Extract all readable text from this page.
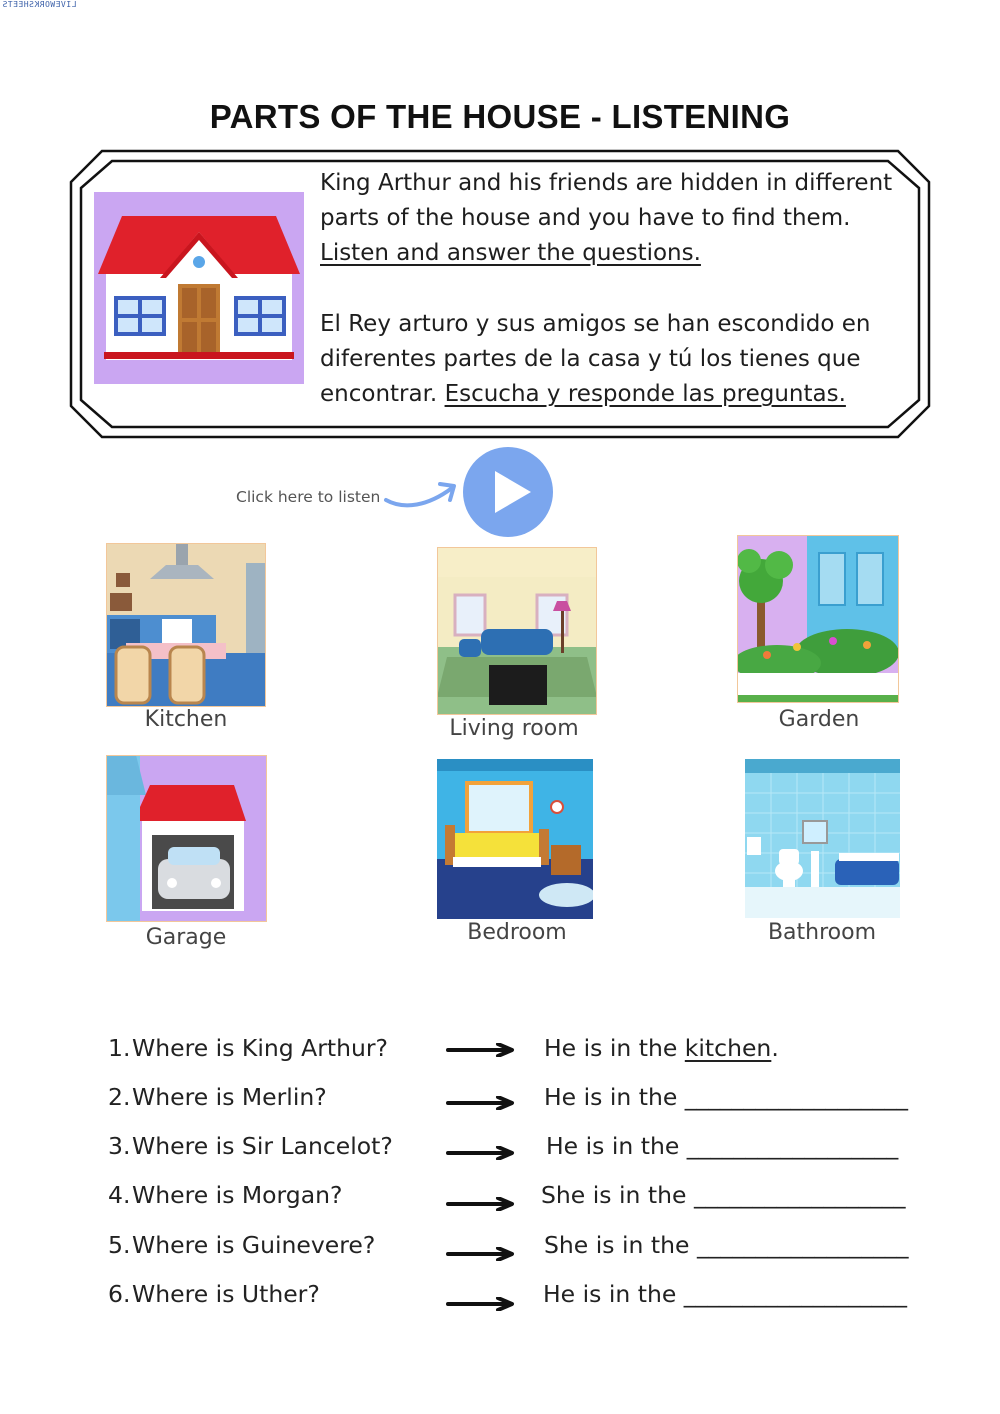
LIVEWORKSHEETS
PARTS OF THE HOUSE - LISTENING

King Arthur and his friends are hidden in different parts of the house and you have to find them. Listen and answer the questions.

El Rey arturo y sus amigos se han escondido en diferentes partes de la casa y tú los tienes que encontrar. Escucha y responde las preguntas.

Click here to listen
Kitchen	Living room	Garden
Garage	Bedroom	Bathroom
1.Where is King Arthur?	He is in the kitchen.
2.Where is Merlin?	He is in the ___________________
3.Where is Sir Lancelot?	He is in the __________________
4.Where is Morgan?	She is in the __________________
5.Where is Guinevere?	She is in the __________________
6.Where is Uther?	He is in the ___________________
